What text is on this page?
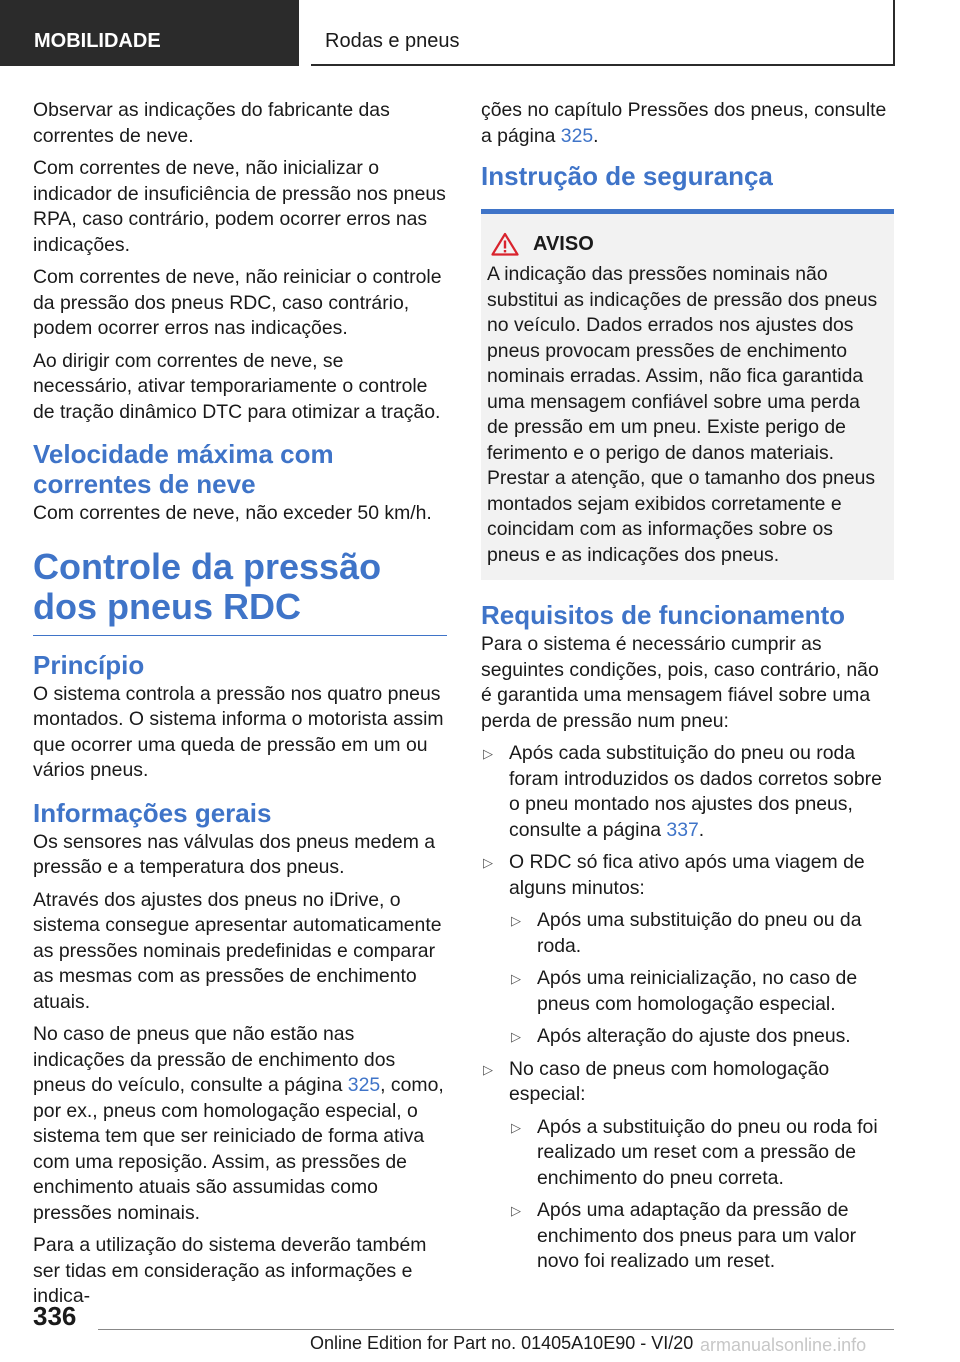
MOBILIDADE	Rodas e pneus

Observar as indicações do fabricante das correntes de neve.

Com correntes de neve, não inicializar o indicador de insuficiência de pressão nos pneus RPA, caso contrário, podem ocorrer erros nas indicações.

Com correntes de neve, não reiniciar o controle da pressão dos pneus RDC, caso contrário, podem ocorrer erros nas indicações.

Ao dirigir com correntes de neve, se necessário, ativar temporariamente o controle de tração dinâmico DTC para otimizar a tração.

Velocidade máxima com correntes de neve

Com correntes de neve, não exceder 50 km/h.

Controle da pressão dos pneus RDC
Princípio

O sistema controla a pressão nos quatro pneus montados. O sistema informa o motorista assim que ocorrer uma queda de pressão em um ou vários pneus.

Informações gerais

Os sensores nas válvulas dos pneus medem a pressão e a temperatura dos pneus.

Através dos ajustes dos pneus no iDrive, o sistema consegue apresentar automaticamente as pressões nominais predefinidas e comparar as mesmas com as pressões de enchimento atuais.

No caso de pneus que não estão nas indicações da pressão de enchimento dos pneus do veículo, consulte a página 325, como, por ex., pneus com homologação especial, o sistema tem que ser reiniciado de forma ativa com uma reposição. Assim, as pressões de enchimento atuais são assumidas como pressões nominais.

Para a utilização do sistema deverão também ser tidas em consideração as informações e indica-

ções no capítulo Pressões dos pneus, consulte a página 325.

Instrução de segurança
AVISO

A indicação das pressões nominais não substitui as indicações de pressão dos pneus no veículo. Dados errados nos ajustes dos pneus provocam pressões de enchimento nominais erradas. Assim, não fica garantida uma mensagem confiável sobre uma perda de pressão em um pneu. Existe perigo de ferimento e o perigo de danos materiais. Prestar a atenção, que o tamanho dos pneus montados sejam exibidos corretamente e coincidam com as informações sobre os pneus e as indicações dos pneus.

Requisitos de funcionamento

Para o sistema é necessário cumprir as seguintes condições, pois, caso contrário, não é garantida uma mensagem fiável sobre uma perda de pressão num pneu:

▷ Após cada substituição do pneu ou roda foram introduzidos os dados corretos sobre o pneu montado nos ajustes dos pneus, consulte a página 337.
▷ O RDC só fica ativo após uma viagem de alguns minutos:
▷ Após uma substituição do pneu ou da roda.
▷ Após uma reinicialização, no caso de pneus com homologação especial.
▷ Após alteração do ajuste dos pneus.
▷ No caso de pneus com homologação especial:
▷ Após a substituição do pneu ou roda foi realizado um reset com a pressão de enchimento do pneu correta.
▷ Após uma adaptação da pressão de enchimento dos pneus para um valor novo foi realizado um reset.
336
Online Edition for Part no. 01405A10E90 - VI/20 armanualsonline.info
